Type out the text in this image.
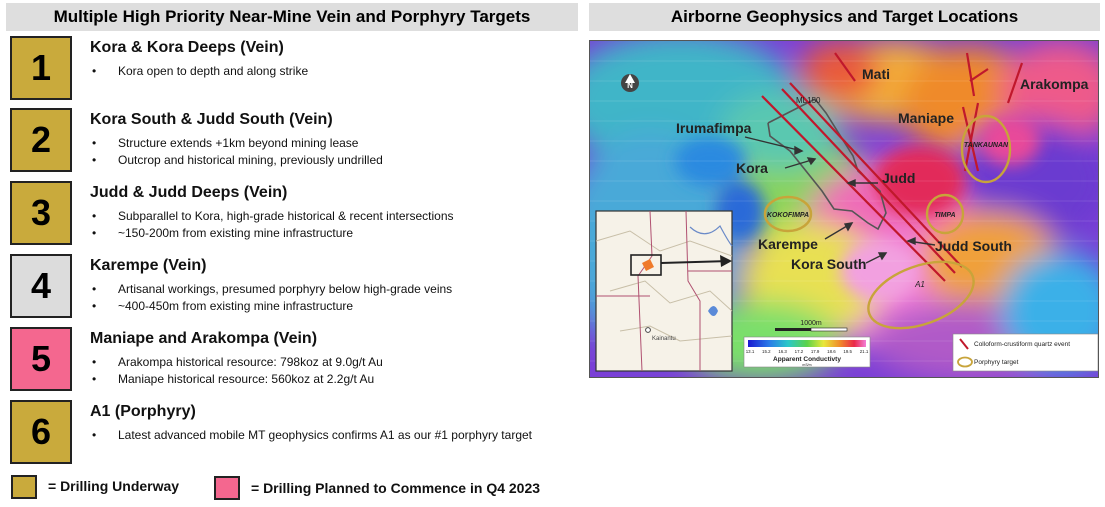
Multiple High Priority Near-Mine Vein and Porphyry Targets
1	Kora & Kora Deeps (Vein)
• Kora open to depth and along strike
2	Kora South & Judd South (Vein)
• Structure extends +1km beyond mining lease
• Outcrop and historical mining, previously undrilled
3	Judd & Judd Deeps (Vein)
• Subparallel to Kora, high-grade historical & recent intersections
• ~150-200m from existing mine infrastructure
4	Karempe (Vein)
• Artisanal workings, presumed porphyry below high-grade veins
• ~400-450m from existing mine infrastructure
5	Maniape and Arakompa (Vein)
• Arakompa historical resource: 798koz at 9.0g/t Au
• Maniape historical resource: 560koz at 2.2g/t Au
6	A1 (Porphyry)
• Latest advanced mobile MT geophysics confirms A1 as our #1 porphyry target
= Drilling Underway	= Drilling Planned to Commence in Q4 2023
Airborne Geophysics and Target Locations
N
Mati
Arakompa
Maniape
Irumafimpa
Kora
Judd
Karempe	Judd South
Kora South
ML150
KOKOFIMPA	TIMPA
TANKAUNAN
A1
Kainantu
1000m
13.1 15.2 16.3 17.2 17.9 18.6 19.5 21.1
Apparent Conductivty
mS/m
Colloform-crustiform quartz event
Porphyry target
